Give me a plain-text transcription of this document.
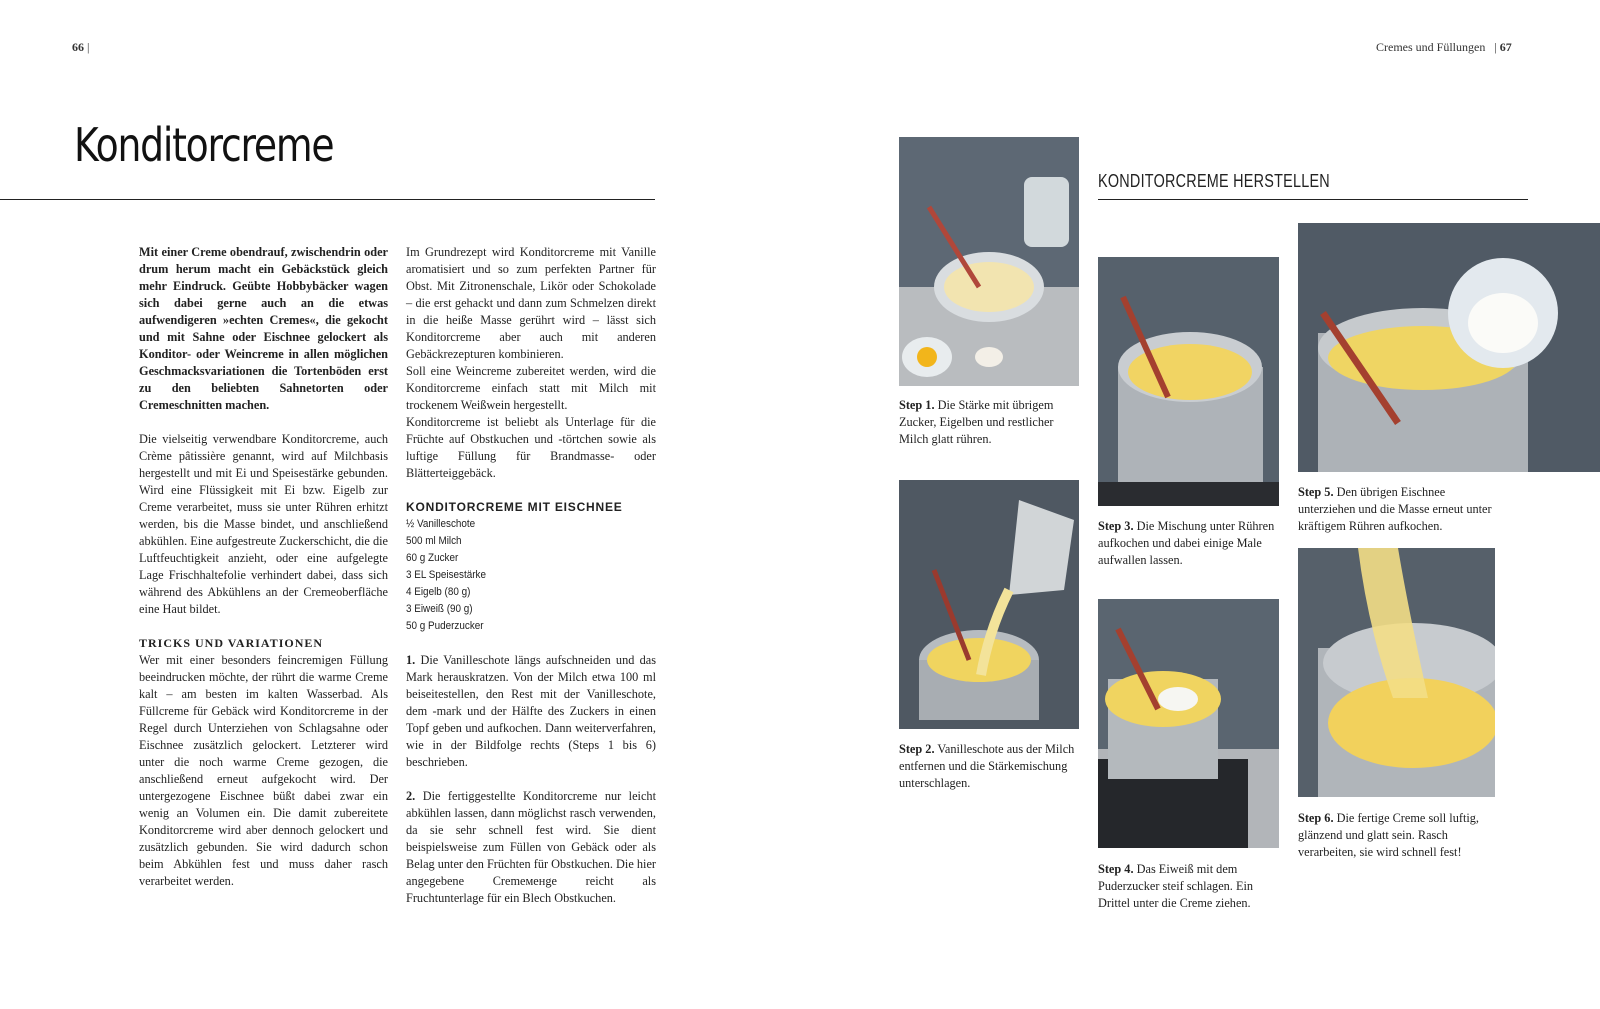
66 |	Cremes und Füllungen   | 67
Konditorcreme

Mit einer Creme obendrauf, zwischendrin oder drum herum macht ein Gebäckstück gleich mehr Eindruck. Geübte Hobbybäcker wagen sich dabei gerne auch an die etwas aufwendigeren »echten Cremes«, die gekocht und mit Sahne oder Eischnee gelockert als Konditor- oder Weincreme in allen möglichen Geschmacksvariationen die Tortenböden erst zu den beliebten Sahnetorten oder Cremeschnitten machen.

Die vielseitig verwendbare Konditorcreme, auch Crème pâtissière genannt, wird auf Milchbasis hergestellt und mit Ei und Speisestärke gebunden. Wird eine Flüssigkeit mit Ei bzw. Eigelb zur Creme verarbeitet, muss sie unter Rühren erhitzt werden, bis die Masse bindet, und anschließend abkühlen. Eine aufgestreute Zuckerschicht, die die Luftfeuchtigkeit anzieht, oder eine aufgelegte Lage Frischhaltefolie verhindert dabei, dass sich während des Abkühlens an der Cremeoberfläche eine Haut bildet.

TRICKS UND VARIATIONEN

Wer mit einer besonders feincremigen Füllung beeindrucken möchte, der rührt die warme Creme kalt – am besten im kalten Wasserbad. Als Füllcreme für Gebäck wird Konditorcreme in der Regel durch Unterziehen von Schlagsahne oder Eischnee zusätzlich gelockert. Letzterer wird unter die noch warme Creme gezogen, die anschließend erneut aufgekocht wird. Der untergezogene Eischnee büßt dabei zwar ein wenig an Volumen ein. Die damit zubereitete Konditorcreme wird aber dennoch gelockert und zusätzlich gebunden. Sie wird dadurch schon beim Abkühlen fest und muss daher rasch verarbeitet werden.

Im Grundrezept wird Konditorcreme mit Vanille aromatisiert und so zum perfekten Partner für Obst. Mit Zitronenschale, Likör oder Schokolade – die erst gehackt und dann zum Schmelzen direkt in die heiße Masse gerührt wird – lässt sich Konditorcreme aber auch mit anderen Gebäckrezepturen kombinieren.

Soll eine Weincreme zubereitet werden, wird die Konditorcreme einfach statt mit Milch mit trockenem Weißwein hergestellt.

Konditorcreme ist beliebt als Unterlage für die Früchte auf Obstkuchen und -törtchen sowie als luftige Füllung für Brandmasse- oder Blätterteiggebäck.

KONDITORCREME MIT EISCHNEE
½ Vanilleschote
500 ml Milch
60 g Zucker
3 EL Speisestärke
4 Eigelb (80 g)
3 Eiweiß (90 g)
50 g Puderzucker

1. Die Vanilleschote längs aufschneiden und das Mark herauskratzen. Von der Milch etwa 100 ml beiseitestellen, den Rest mit der Vanilleschote, dem -mark und der Hälfte des Zuckers in einen Topf geben und aufkochen. Dann weiterverfahren, wie in der Bildfolge rechts (Steps 1 bis 6) beschrieben.

2. Die fertiggestellte Konditorcreme nur leicht abkühlen lassen, dann möglichst rasch verwenden, da sie sehr schnell fest wird. Sie dient beispielsweise zum Füllen von Gebäck oder als Belag unter den Früchten für Obstkuchen. Die hier angegebene Cremeменge reicht als Fruchtunterlage für ein Blech Obstkuchen.

KONDITORCREME HERSTELLEN
Step 1. Die Stärke mit übrigem Zucker, Eigelben und restlicher Milch glatt rühren.
Step 2. Vanilleschote aus der Milch entfernen und die Stärkemischung unterschlagen.
Step 3. Die Mischung unter Rühren aufkochen und dabei einige Male aufwallen lassen.
Step 4. Das Eiweiß mit dem Puderzucker steif schlagen. Ein Drittel unter die Creme ziehen.
Step 5. Den übrigen Eischnee unterziehen und die Masse erneut unter kräftigem Rühren aufkochen.
Step 6. Die fertige Creme soll luftig, glänzend und glatt sein. Rasch verarbeiten, sie wird schnell fest!
